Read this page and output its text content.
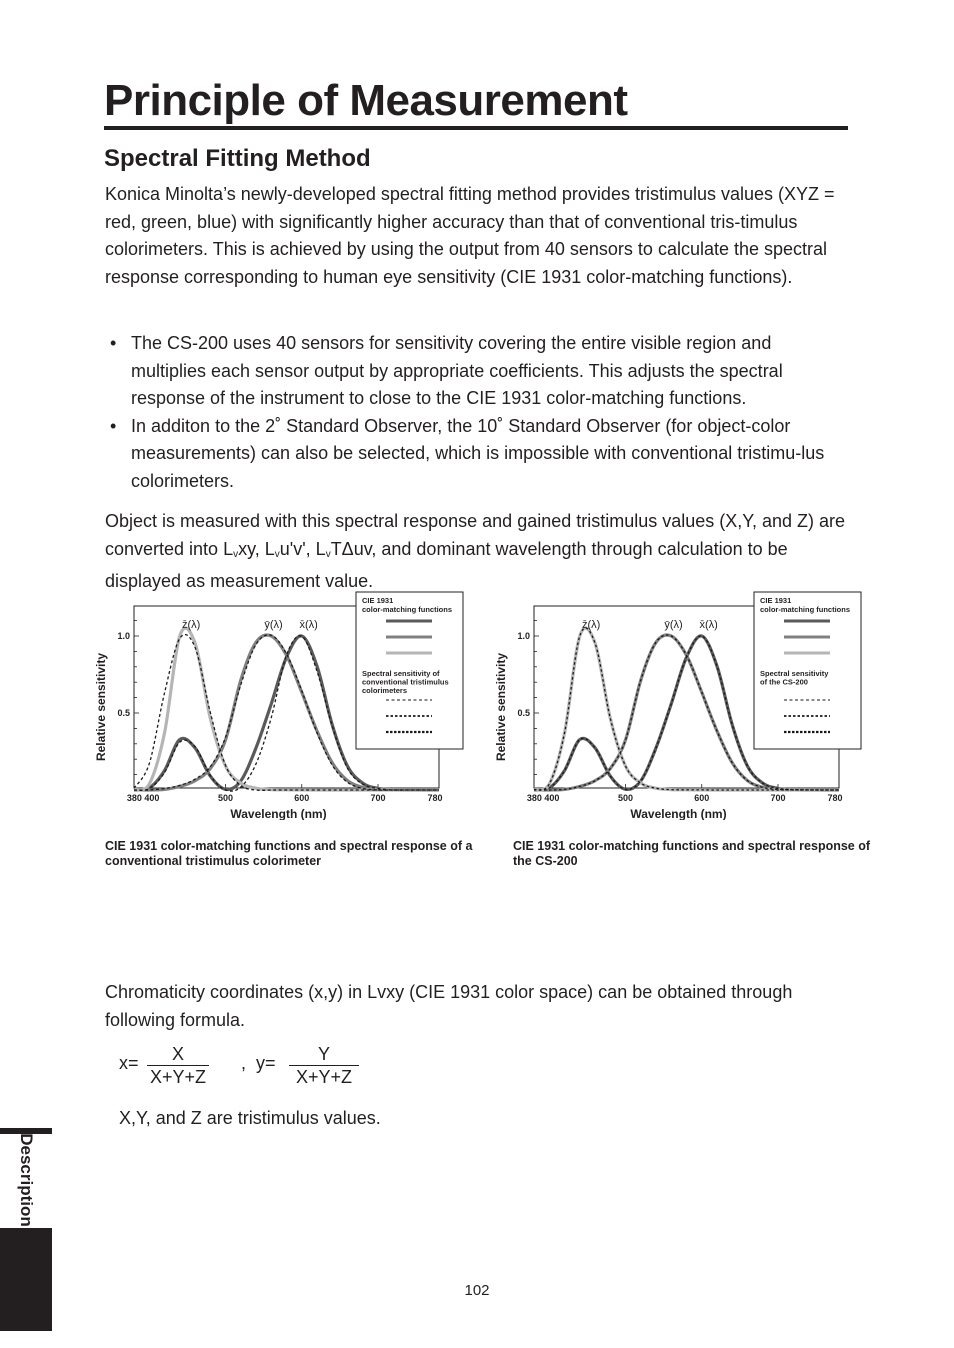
Principle of Measurement
Spectral Fitting Method

Konica Minolta’s newly-developed spectral fitting method provides tristimulus values (XYZ = red, green, blue) with significantly higher accuracy than that of conventional tris-timulus colorimeters. This is achieved by using the output from 40 sensors to calculate the spectral response corresponding to human eye sensitivity (CIE 1931 color-matching functions).

• The CS-200 uses 40 sensors for sensitivity covering the entire visible region and multiplies each sensor output by appropriate coefficients. This adjusts the spectral response of the instrument to close to the CIE 1931 color-matching functions.
• In additon to the 2˚ Standard Observer, the 10˚ Standard Observer (for object-color measurements) can also be selected, which is impossible with conventional tristimu-lus colorimeters.

Object is measured with this spectral response and gained tristimulus values (X,Y, and Z) are converted into $L_vxy$, $L_vu'v'$, $L_vT\Delta uv$, and dominant wavelength through calculation to be displayed as measurement value.

1.0
0.5
380 400	500	600	700	780
Wavelength (nm)
Relative sensitivity
z̄(λ)	ȳ(λ) x̄(λ)
CIE 1931
color-matching functions
Spectral sensitivity of
conventional tristimulus
colorimeters
1.0
0.5
380 400	500	600	700	780
Wavelength (nm)
Relative sensitivity
z̄(λ)	ȳ(λ) x̄(λ)
CIE 1931
color-matching functions
Spectral sensitivity
of the CS-200

CIE 1931 color-matching functions and spectral response of a conventional tristimulus colorimeter

CIE 1931 color-matching functions and spectral response of the CS-200

Chromaticity coordinates (x,y) in Lvxy (CIE 1931 color space) can be obtained through following formula.

$x= \frac{X}{X+Y+Z}$ ,  $y= \frac{Y}{X+Y+Z}$

X,Y, and Z are tristimulus values.

Description
102
